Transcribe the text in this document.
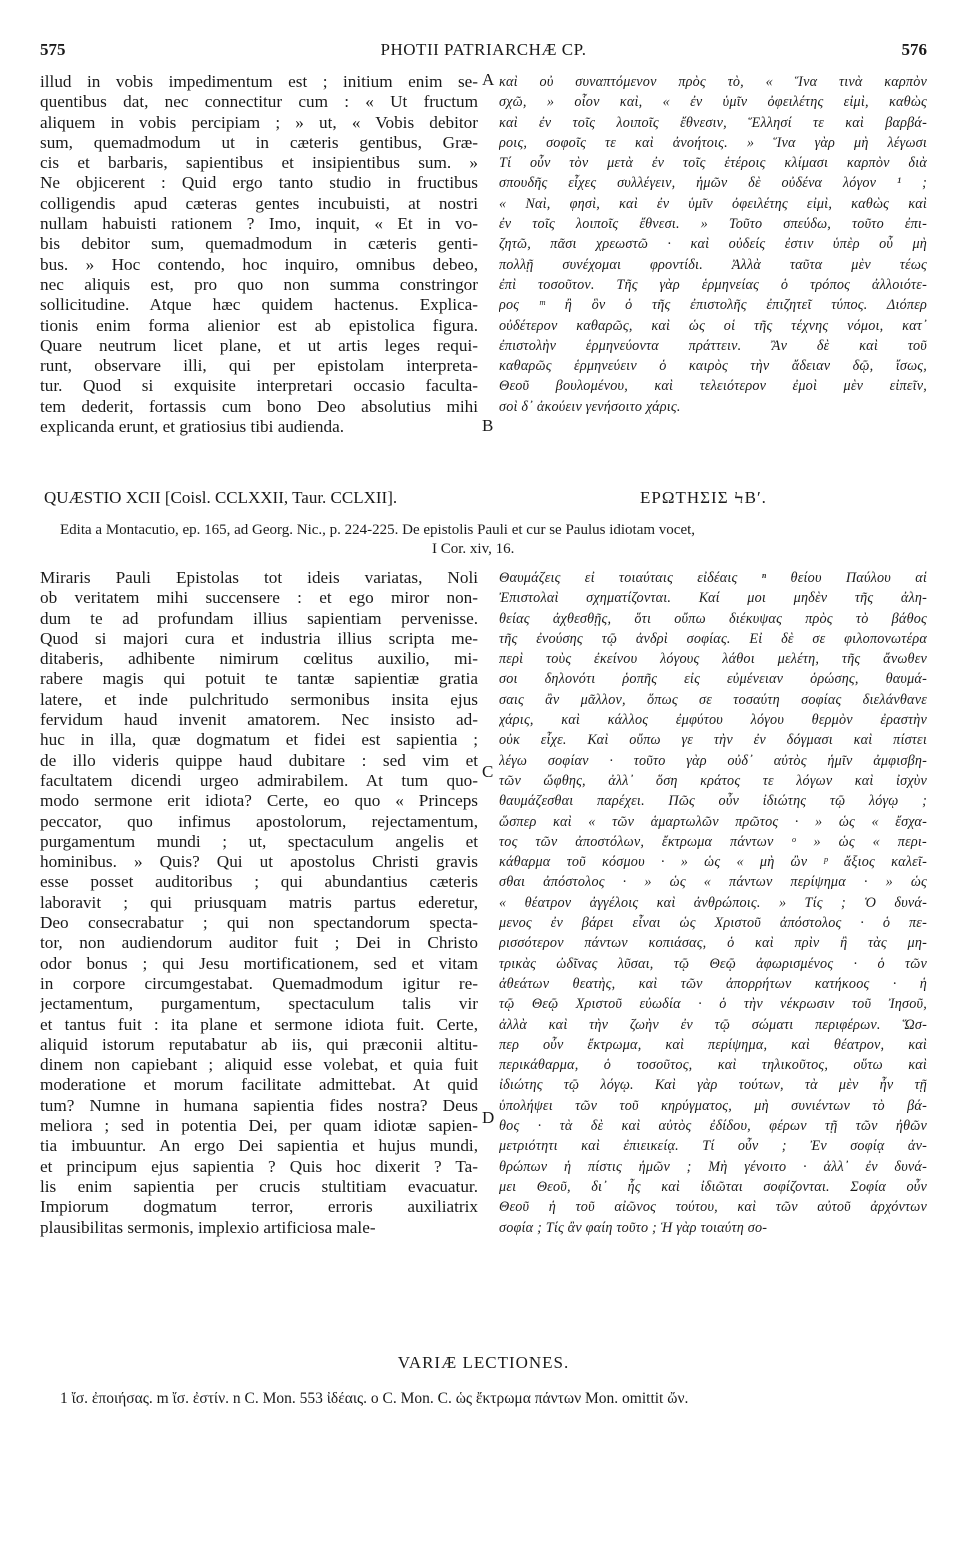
575	PHOTII PATRIARCHÆ CP.	576
illud in vobis impedimentum est ; initium enim se-
quentibus dat, nec connectitur cum : « Ut fructum
aliquem in vobis percipiam ; » ut, « Vobis debitor
sum, quemadmodum ut in cæteris gentibus, Græ-
cis et barbaris, sapientibus et insipientibus sum. »
Ne objicerent : Quid ergo tanto studio in fructibus
colligendis apud cæteras gentes incubuisti, at nostri
nullam habuisti rationem ? Imo, inquit, « Et in vo-
bis debitor sum, quemadmodum in cæteris genti-
bus. » Hoc contendo, hoc inquiro, omnibus debeo,
nec aliquis est, pro quo non summa constringor
sollicitudine. Atque hæc quidem hactenus. Explica-
tionis enim forma alienior est ab epistolica figura.
Quare neutrum licet plane, et ut artis leges requi-
runt, observare illi, qui per epistolam interpreta-
tur. Quod si exquisite interpretari occasio faculta-
tem dederit, fortassis cum bono Deo absolutius mihi
explicanda erunt, et gratiosius tibi audienda.
καὶ οὐ συναπτόμενον πρὸς τὸ, « Ἵνα τινὰ καρπὸν
σχῶ, » οἷον καὶ, « ἐν ὑμῖν ὀφειλέτης εἰμὶ, καθὼς
καὶ ἐν τοῖς λοιποῖς ἔθνεσιν, Ἕλλησί τε καὶ βαρβά-
ροις, σοφοῖς τε καὶ ἀνοήτοις. » Ἵνα γὰρ μὴ λέγωσι
Τί οὖν τὸν μετὰ ἐν τοῖς ἑτέροις κλίμασι καρπὸν διὰ
σπουδῆς εἶχες συλλέγειν, ἡμῶν δὲ οὐδένα λόγον ¹ ;
« Ναὶ, φησὶ, καὶ ἐν ὑμῖν ὀφειλέτης εἰμὶ, καθὼς καὶ
ἐν τοῖς λοιποῖς ἔθνεσι. » Τοῦτο σπεύδω, τοῦτο ἐπι-
ζητῶ, πᾶσι χρεωστῶ · καὶ οὐδείς ἐστιν ὑπὲρ οὗ μὴ
πολλῇ συνέχομαι φροντίδι. Ἀλλὰ ταῦτα μὲν τέως
ἐπὶ τοσοῦτον. Τῆς γὰρ ἑρμηνείας ὁ τρόπος ἀλλοιότε-
ρος ᵐ ἢ ὃν ὁ τῆς ἐπιστολῆς ἐπιζητεῖ τύπος. Διόπερ
οὐδέτερον καθαρῶς, καὶ ὡς οἱ τῆς τέχνης νόμοι, κατ᾽
ἐπιστολὴν ἑρμηνεύοντα πράττειν. Ἂν δὲ καὶ τοῦ
καθαρῶς ἑρμηνεύειν ὁ καιρὸς τὴν ἄδειαν δῷ, ἴσως,
Θεοῦ βουλομένου, καὶ τελειότερον ἐμοὶ μὲν εἰπεῖν,
σοὶ δ᾽ ἀκούειν γενήσοιτο χάρις.
A
B
C
D
QUÆSTIO XCII [Coisl. CCLXXII, Taur. CCLXII].	ΕΡΩΤΗΣΙΣ ϞΒʹ.
Edita a Montacutio, ep. 165, ad Georg. Nic., p. 224-225. De epistolis Pauli et cur se Paulus idiotam vocet,
I Cor. xiv, 16.
Miraris Pauli Epistolas tot ideis variatas, Noli
ob veritatem mihi succensere : et ego miror non-
dum te ad profundam illius sapientiam pervenisse.
Quod si majori cura et industria illius scripta me-
ditaberis, adhibente nimirum cœlitus auxilio, mi-
rabere magis qui potuit te tantæ sapientiæ gratia
latere, et inde pulchritudo sermonibus insita ejus
fervidum haud invenit amatorem. Nec insisto ad-
huc in illa, quæ dogmatum et fidei est sapientia ;
de illo videris quippe haud dubitare : sed vim et
facultatem dicendi urgeo admirabilem. At tum quo-
modo sermone erit idiota? Certe, eo quo « Princeps
peccator, quo infimus apostolorum, rejectamentum,
purgamentum mundi ; ut, spectaculum angelis et
hominibus. » Quis? Qui ut apostolus Christi gravis
esse posset auditoribus ; qui abundantius cæteris
laboravit ; qui priusquam matris partus ederetur,
Deo consecrabatur ; qui non spectandorum specta-
tor, non audiendorum auditor fuit ; Dei in Christo
odor bonus ; qui Jesu mortificationem, sed et vitam
in corpore circumgestabat. Quemadmodum igitur re-
jectamentum, purgamentum, spectaculum talis vir
et tantus fuit : ita plane et sermone idiota fuit. Certe,
aliquid istorum reputabatur ab iis, qui præconii altitu-
dinem non capiebant ; aliquid esse volebat, et quia fuit
moderatione et morum facilitate admittebat. At quid
tum? Numne in humana sapientia fides nostra? Deus
meliora ; sed in potentia Dei, per quam idiotæ sapien-
tia imbuuntur. An ergo Dei sapientia et hujus mundi,
et principum ejus sapientia ? Quis hoc dixerit ? Ta-
lis enim sapientia per crucis stultitiam evacuatur.
Impiorum dogmatum terror, erroris auxiliatrix
plausibilitas sermonis, implexio artificiosa male-
Θαυμάζεις εἰ τοιαύταις εἰδέαις ⁿ θείου Παύλου αἱ
Ἐπιστολαὶ σχηματίζονται. Καί μοι μηδὲν τῆς ἀλη-
θείας ἀχθεσθῇς, ὅτι οὔπω διέκυψας πρὸς τὸ βάθος
τῆς ἐνούσης τῷ ἀνδρὶ σοφίας. Εἰ δὲ σε φιλοπονωτέρα
περὶ τοὺς ἐκείνου λόγους λάθοι μελέτη, τῆς ἄνωθεν
σοι δηλονότι ῥοπῆς εἰς εὐμένειαν ὁρώσης, θαυμά-
σαις ἂν μᾶλλον, ὅπως σε τοσαύτη σοφίας διελάνθανε
χάρις, καὶ κάλλος ἐμφύτου λόγου θερμὸν ἐραστὴν
οὐκ εἶχε. Καὶ οὔπω γε τὴν ἐν δόγμασι καὶ πίστει
λέγω σοφίαν · τοῦτο γὰρ οὐδ᾽ αὐτὸς ἡμῖν ἀμφισβη-
τῶν ὤφθης, ἀλλ᾽ ὅση κράτος τε λόγων καὶ ἰσχὺν
θαυμάζεσθαι παρέχει. Πῶς οὖν ἰδιώτης τῷ λόγῳ ;
ὥσπερ καὶ « τῶν ἁμαρτωλῶν πρῶτος · » ὡς « ἔσχα-
τος τῶν ἀποστόλων, ἔκτρωμα πάντων ᵒ » ὡς « περι-
κάθαρμα τοῦ κόσμου · » ὡς « μὴ ὢν ᵖ ἄξιος καλεῖ-
σθαι ἀπόστολος · » ὡς « πάντων περίψημα · » ὡς
« θέατρον ἀγγέλοις καὶ ἀνθρώποις. » Τίς ; Ὁ δυνά-
μενος ἐν βάρει εἶναι ὡς Χριστοῦ ἀπόστολος · ὁ πε-
ρισσότερον πάντων κοπιάσας, ὁ καὶ πρὶν ἢ τὰς μη-
τρικὰς ὠδῖνας λῦσαι, τῷ Θεῷ ἀφωρισμένος · ὁ τῶν
ἀθεάτων θεατὴς, καὶ τῶν ἀπορρήτων κατήκοος · ἡ
τῷ Θεῷ Χριστοῦ εὐωδία · ὁ τὴν νέκρωσιν τοῦ Ἰησοῦ,
ἀλλὰ καὶ τὴν ζωὴν ἐν τῷ σώματι περιφέρων. Ὥσ-
περ οὖν ἔκτρωμα, καὶ περίψημα, καὶ θέατρον, καὶ
περικάθαρμα, ὁ τοσοῦτος, καὶ τηλικοῦτος, οὕτω καὶ
ἰδιώτης τῷ λόγῳ. Καὶ γὰρ τούτων, τὰ μὲν ἦν τῇ
ὑπολήψει τῶν τοῦ κηρύγματος, μὴ συνιέντων τὸ βά-
θος · τὰ δὲ καὶ αὐτὸς ἐδίδου, φέρων τῇ τῶν ἠθῶν
μετριότητι καὶ ἐπιεικείᾳ. Τί οὖν ; Ἐν σοφίᾳ ἀν-
θρώπων ἡ πίστις ἡμῶν ; Μὴ γένοιτο · ἀλλ᾽ ἐν δυνά-
μει Θεοῦ, δι᾽ ἧς καὶ ἰδιῶται σοφίζονται. Σοφία οὖν
Θεοῦ ἡ τοῦ αἰῶνος τούτου, καὶ τῶν αὐτοῦ ἀρχόντων
σοφία ; Τίς ἂν φαίη τοῦτο ; Ἡ γὰρ τοιαύτη σο-
VARIÆ LECTIONES.
1 ἴσ. ἐποιήσας. m ἴσ. ἐστίν. n C. Mon. 553 ἰδέαις. o C. Mon. C. ὡς ἔκτρωμα πάντων Mon. omittit ὤν.
